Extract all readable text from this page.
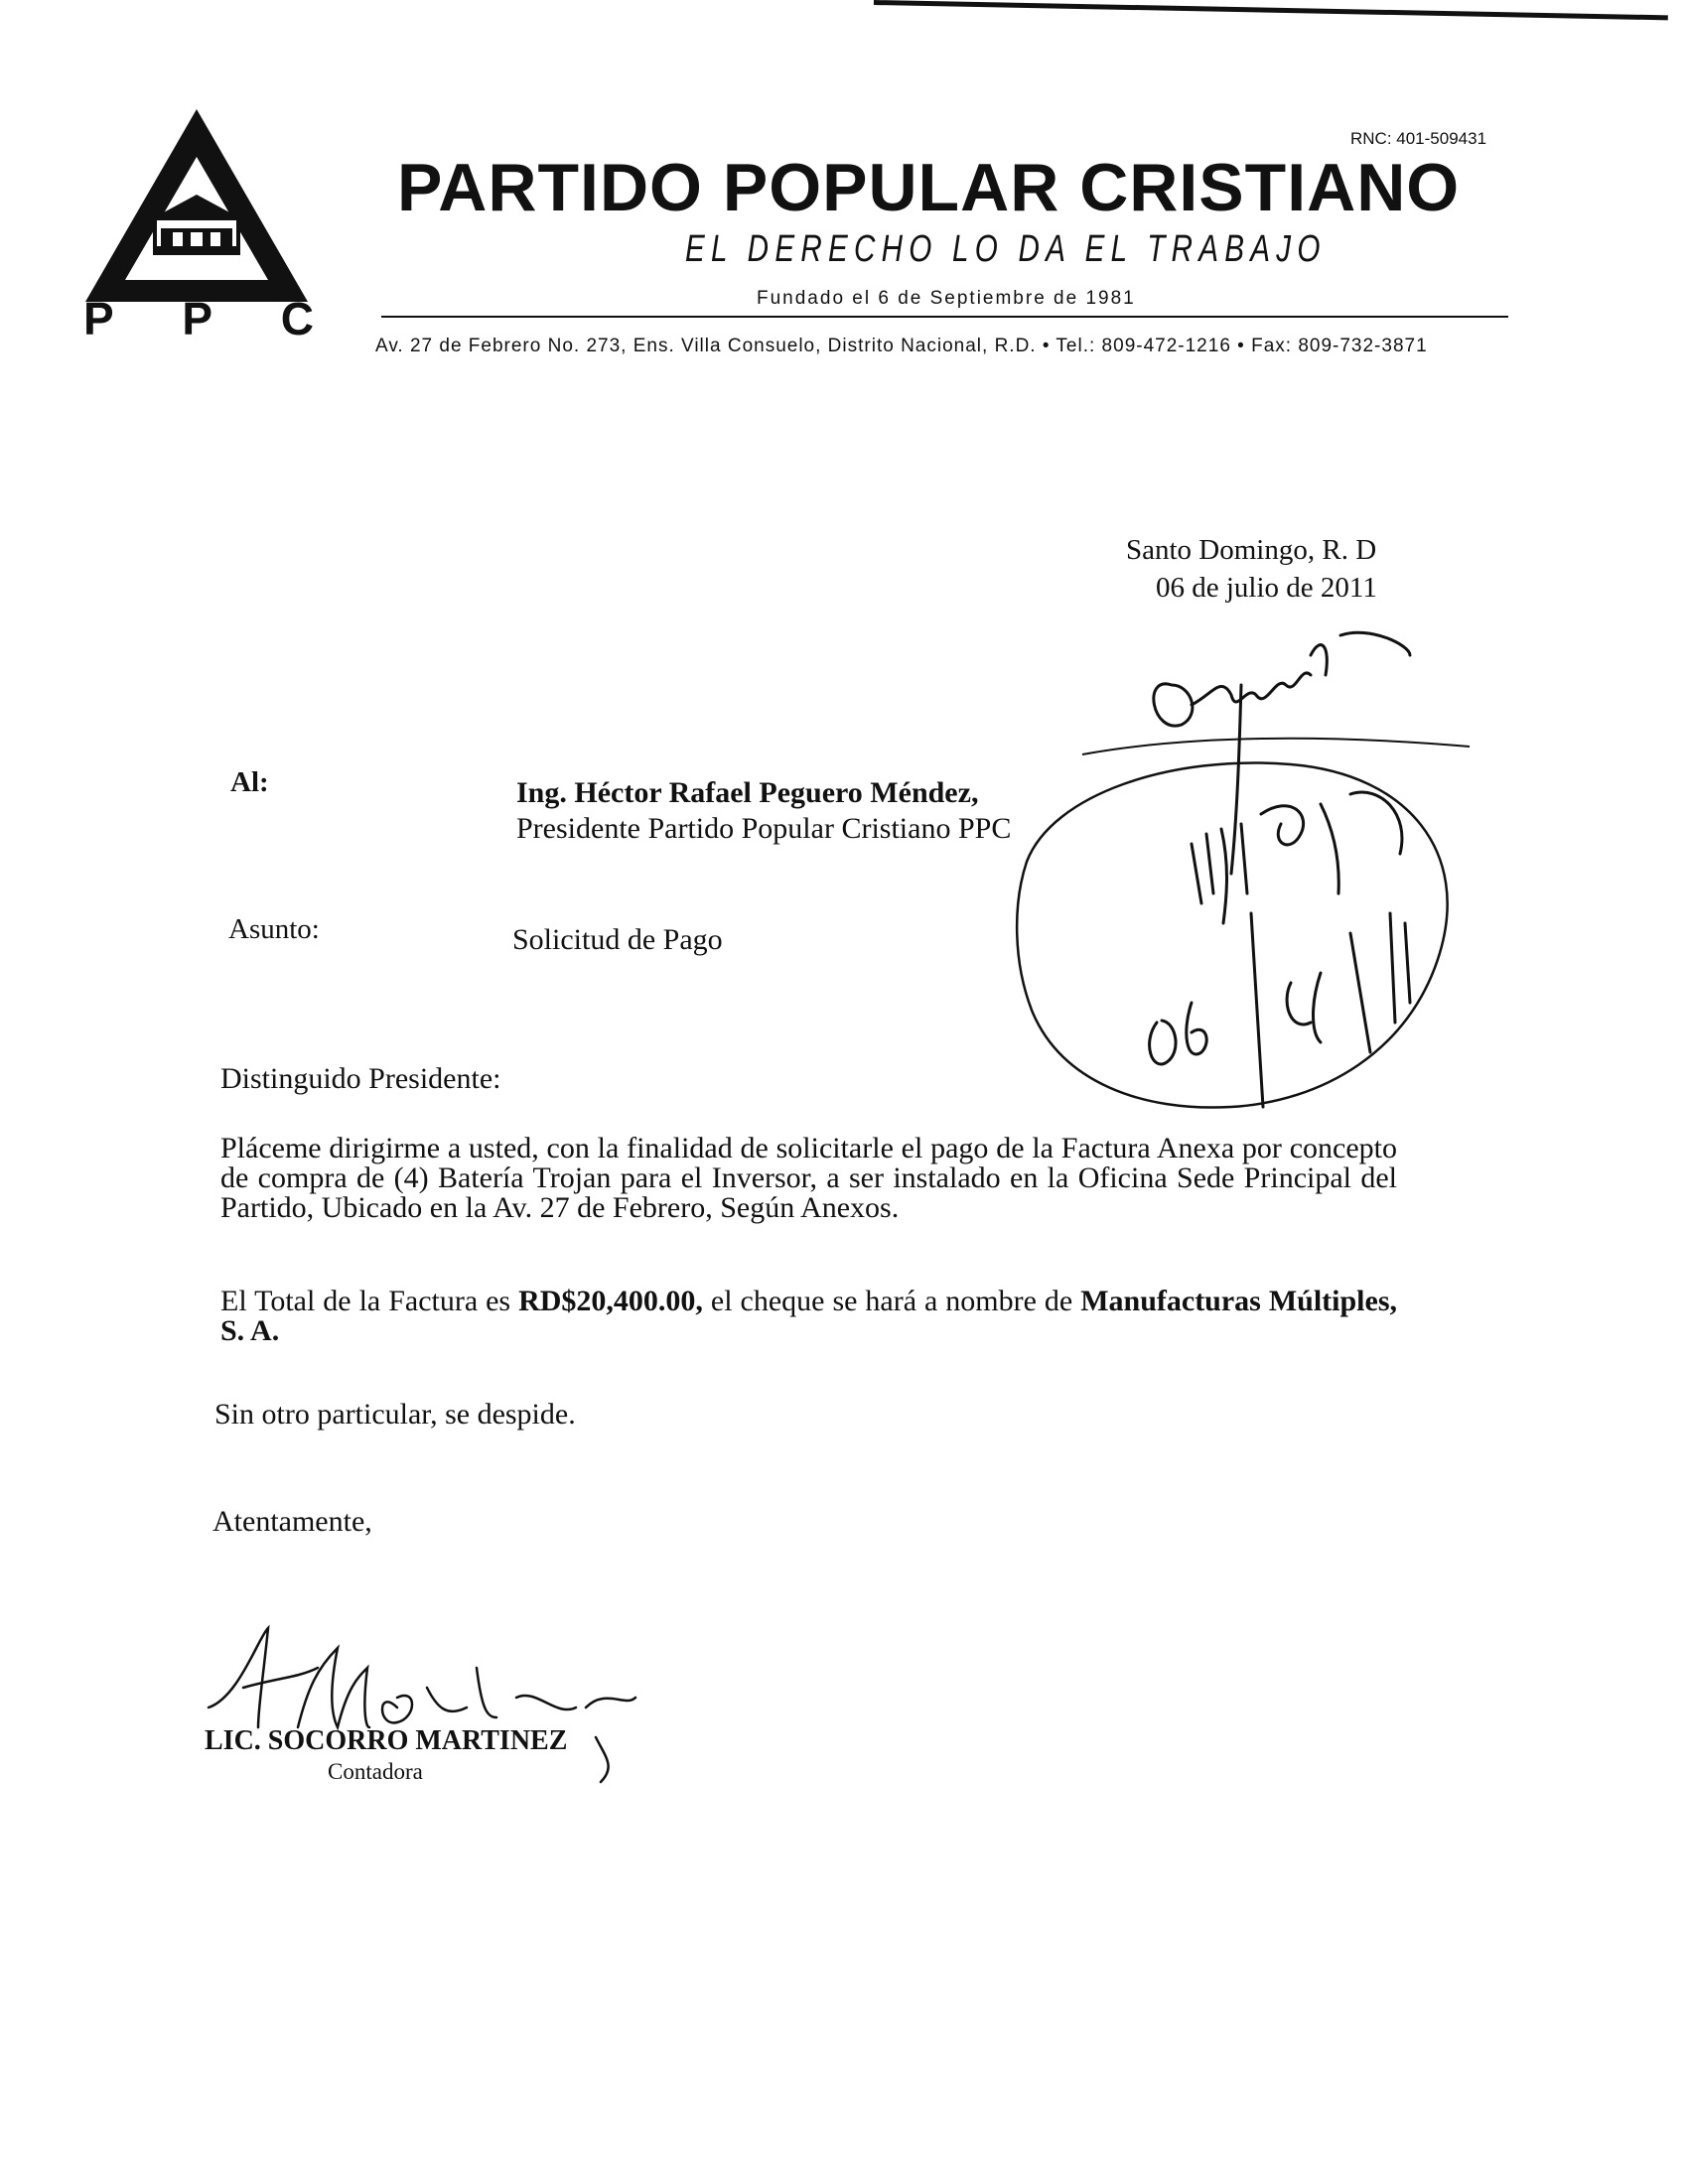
P P C
RNC: 401-509431
PARTIDO POPULAR CRISTIANO
EL DERECHO LO DA EL TRABAJO
Fundado el 6 de Septiembre de 1981
Av. 27 de Febrero No. 273, Ens. Villa Consuelo, Distrito Nacional, R.D. • Tel.: 809-472-1216 • Fax: 809-732-3871
Santo Domingo, R. D
06 de julio de 2011
Al:	Ing. Héctor Rafael Peguero Méndez,
Presidente Partido Popular Cristiano PPC
Asunto:	Solicitud de Pago
Distinguido Presidente:
Pláceme dirigirme a usted, con la finalidad de solicitarle el pago de la Factura Anexa por concepto de compra de (4) Batería Trojan para el Inversor, a ser instalado en la Oficina Sede Principal del Partido, Ubicado en la Av. 27 de Febrero, Según Anexos.
El Total de la Factura es RD$20,400.00, el cheque se hará a nombre de Manufacturas Múltiples, S. A.
Sin otro particular, se despide.
Atentamente,
LIC. SOCORRO MARTINEZ
Contadora
